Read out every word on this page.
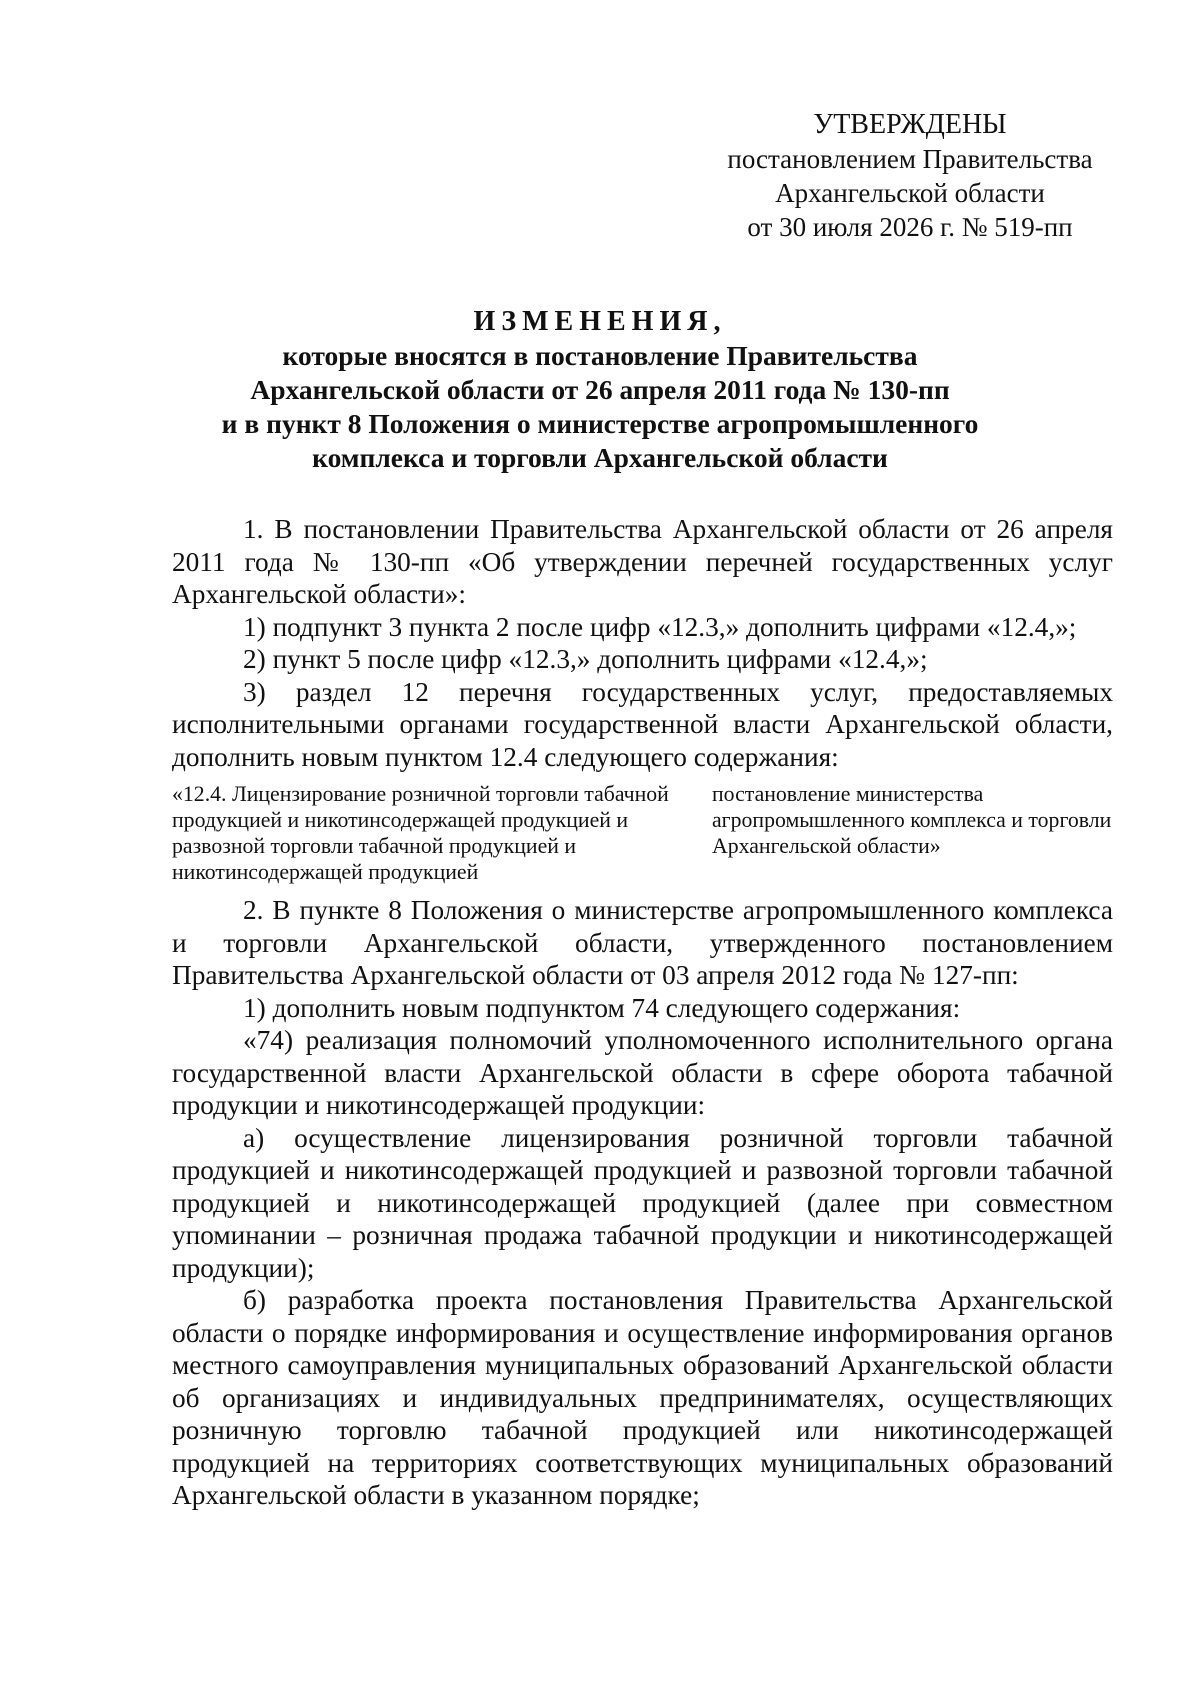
УТВЕРЖДЕНЫ
постановлением Правительства
Архангельской области
от 30 июля 2026 г. № 519-пп
ИЗМЕНЕНИЯ,
которые вносятся в постановление Правительства
Архангельской области от 26 апреля 2011 года № 130-пп
и в пункт 8 Положения о министерстве агропромышленного
комплекса и торговли Архангельской области
1. В постановлении Правительства Архангельской области от 26 апреля 2011 года № 130-пп «Об утверждении перечней государственных услуг Архангельской области»:
1) подпункт 3 пункта 2 после цифр «12.3,» дополнить цифрами «12.4,»;
2) пункт 5 после цифр «12.3,» дополнить цифрами «12.4,»;
3) раздел 12 перечня государственных услуг, предоставляемых исполнительными органами государственной власти Архангельской области, дополнить новым пунктом 12.4 следующего содержания:
«12.4. Лицензирование розничной торговли табачной продукцией и никотинсодержащей продукцией и развозной торговли табачной продукцией и никотинсодержащей продукцией
постановление министерства агропромышленного комплекса и торговли Архангельской области»
2. В пункте 8 Положения о министерстве агропромышленного комплекса и торговли Архангельской области, утвержденного постановлением Правительства Архангельской области от 03 апреля 2012 года № 127-пп:
1) дополнить новым подпунктом 74 следующего содержания:
«74) реализация полномочий уполномоченного исполнительного органа государственной власти Архангельской области в сфере оборота табачной продукции и никотинсодержащей продукции:
а) осуществление лицензирования розничной торговли табачной продукцией и никотинсодержащей продукцией и развозной торговли табачной продукцией и никотинсодержащей продукцией (далее при совместном упоминании – розничная продажа табачной продукции и никотинсодержащей продукции);
б) разработка проекта постановления Правительства Архангельской области о порядке информирования и осуществление информирования органов местного самоуправления муниципальных образований Архангельской области об организациях и индивидуальных предпринимателях, осуществляющих розничную торговлю табачной продукцией или никотинсодержащей продукцией на территориях соответствующих муниципальных образований Архангельской области в указанном порядке;
